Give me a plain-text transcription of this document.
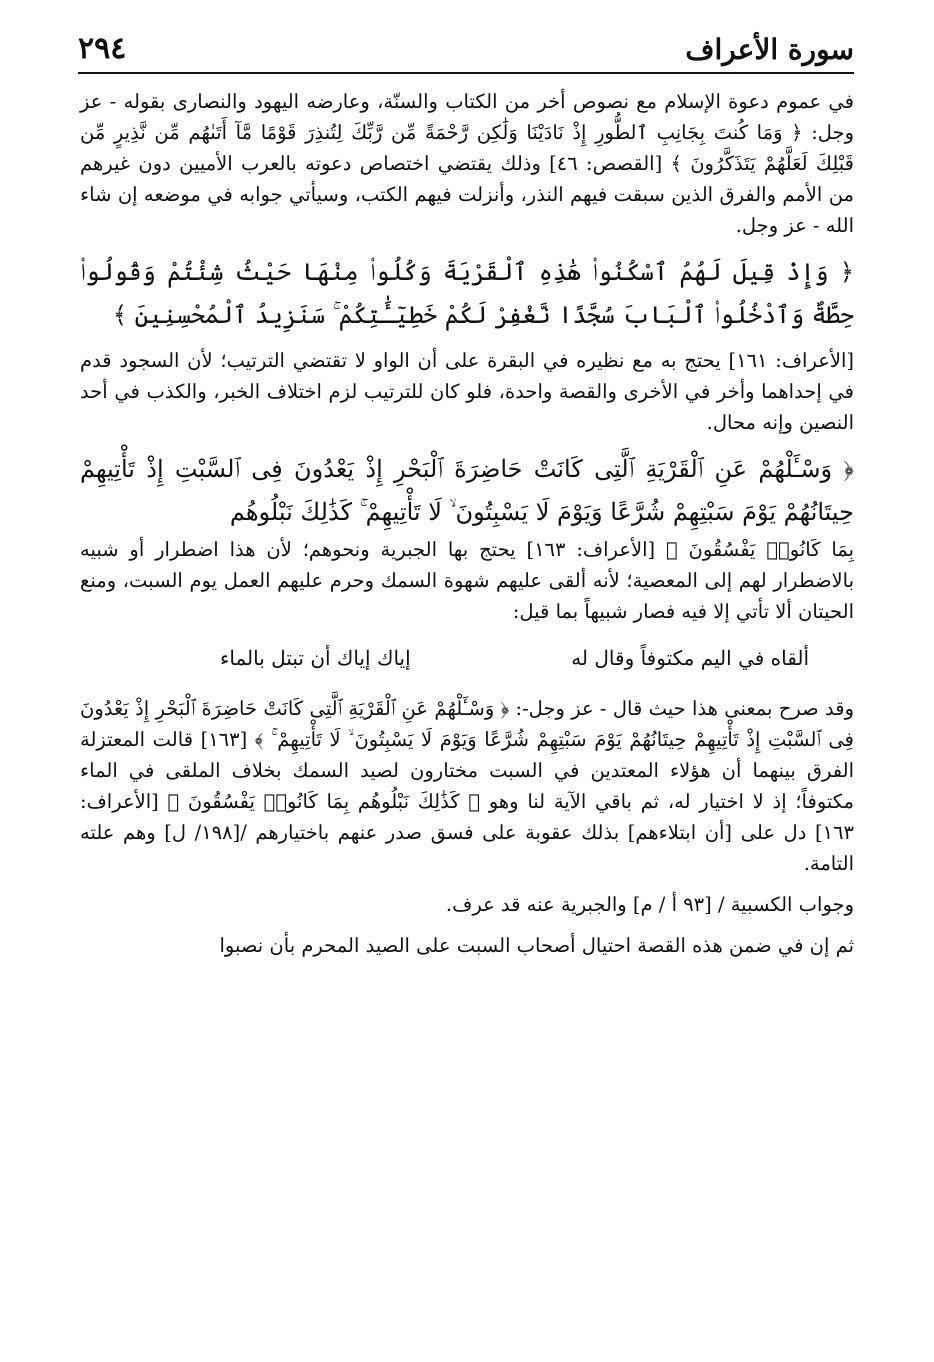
سورة الأعراف
٢٩٤

في عموم دعوة الإسلام مع نصوص أخر من الكتاب والسنّة، وعارضه اليهود والنصارى بقوله - عز وجل: ﴿ وَمَا كُنتَ بِجَانِبِ ٱلطُّورِ إِذْ نَادَيْنَا وَلَٰكِن رَّحْمَةً مِّن رَّبِّكَ لِتُنذِرَ قَوْمًا مَّآ أَتَىٰهُم مِّن نَّذِيرٍ مِّن قَبْلِكَ لَعَلَّهُمْ يَتَذَكَّرُونَ ﴾ [القصص: ٤٦] وذلك يقتضي اختصاص دعوته بالعرب الأميين دون غيرهم من الأمم والفرق الذين سبقت فيهم النذر، وأنزلت فيهم الكتب، وسيأتي جوابه في موضعه إن شاء الله - عز وجل.

﴿ وَإِذْ قِيلَ لَهُمُ ٱسْكُنُوا۟ هَٰذِهِ ٱلْقَرْيَةَ وَكُلُوا۟ مِنْهَا حَيْثُ شِئْتُمْ وَقُولُوا۟ حِطَّةٌ وَٱدْخُلُوا۟ ٱلْبَابَ سُجَّدًا نَّغْفِرْ لَكُمْ خَطِيٓـَٰٔتِكُمْ ۚ سَنَزِيدُ ٱلْمُحْسِنِينَ ﴾

[الأعراف: ١٦١] يحتج به مع نظيره في البقرة على أن الواو لا تقتضي الترتيب؛ لأن السجود قدم في إحداهما وأخر في الأخرى والقصة واحدة، فلو كان للترتيب لزم اختلاف الخبر، والكذب في أحد النصين وإنه محال.

﴿ وَسْـَٔلْهُمْ عَنِ ٱلْقَرْيَةِ ٱلَّتِى كَانَتْ حَاضِرَةَ ٱلْبَحْرِ إِذْ يَعْدُونَ فِى ٱلسَّبْتِ إِذْ تَأْتِيهِمْ حِيتَانُهُمْ يَوْمَ سَبْتِهِمْ شُرَّعًا وَيَوْمَ لَا يَسْبِتُونَ ۙ لَا تَأْتِيهِمْ ۚ كَذَٰلِكَ نَبْلُوهُم

بِمَا كَانُوا۟ يَفْسُقُونَ ﴾ [الأعراف: ١٦٣] يحتج بها الجبرية ونحوهم؛ لأن هذا اضطرار أو شبيه بالاضطرار لهم إلى المعصية؛ لأنه ألقى عليهم شهوة السمك وحرم عليهم العمل يوم السبت، ومنع الحيتان ألا تأتي إلا فيه فصار شبيهاً بما قيل:

ألقاه في اليم مكتوفاً وقال له
إياك إياك أن تبتل بالماء

وقد صرح بمعنى هذا حيث قال - عز وجل-: ﴿ وَسْـَٔلْهُمْ عَنِ ٱلْقَرْيَةِ ٱلَّتِى كَانَتْ حَاضِرَةَ ٱلْبَحْرِ إِذْ يَعْدُونَ فِى ٱلسَّبْتِ إِذْ تَأْتِيهِمْ حِيتَانُهُمْ يَوْمَ سَبْتِهِمْ شُرَّعًا وَيَوْمَ لَا يَسْبِتُونَ ۙ لَا تَأْتِيهِمْ ۚ ﴾ [١٦٣] قالت المعتزلة الفرق بينهما أن هؤلاء المعتدين في السبت مختارون لصيد السمك بخلاف الملقى في الماء مكتوفاً؛ إذ لا اختيار له، ثم باقي الآية لنا وهو ﴿ كَذَٰلِكَ نَبْلُوهُم بِمَا كَانُوا۟ يَفْسُقُونَ ﴾ [الأعراف: ١٦٣] دل على [أن ابتلاءهم] بذلك عقوبة على فسق صدر عنهم باختيارهم /[١٩٨/ ل] وهم علته التامة.

وجواب الكسبية / [٩٣ أ / م] والجبرية عنه قد عرف.

ثم إن في ضمن هذه القصة احتيال أصحاب السبت على الصيد المحرم بأن نصبوا
